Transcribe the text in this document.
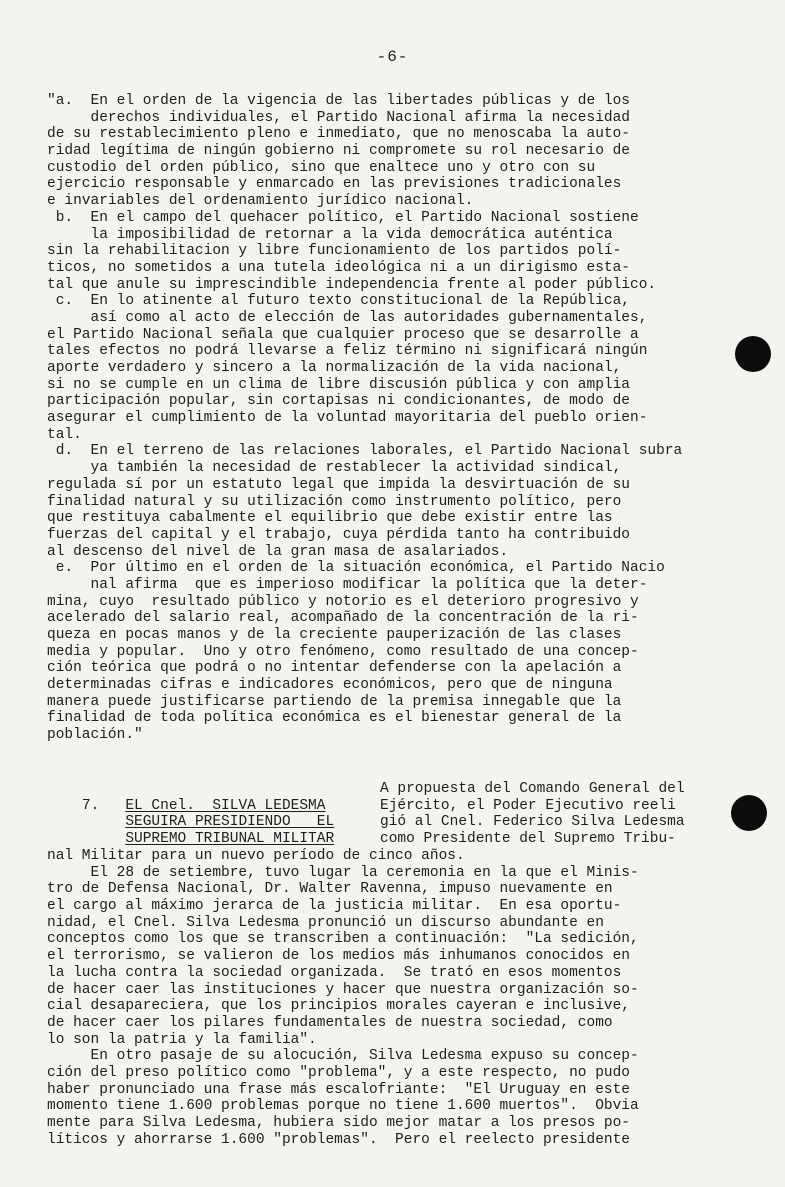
-6-
"a.  En el orden de la vigencia de las libertades públicas y de los
derechos individuales, el Partido Nacional afirma la necesidad
de su restablecimiento pleno e inmediato, que no menoscaba la auto-
ridad legítima de ningún gobierno ni compromete su rol necesario de
custodio del orden público, sino que enaltece uno y otro con su
ejercicio responsable y enmarcado en las previsiones tradicionales
e invariables del ordenamiento jurídico nacional.
b.  En el campo del quehacer político, el Partido Nacional sostiene
la imposibilidad de retornar a la vida democrática auténtica
sin la rehabilitacion y libre funcionamiento de los partidos polí-
ticos, no sometidos a una tutela ideológica ni a un dirigismo esta-
tal que anule su imprescindible independencia frente al poder público.
c.  En lo atinente al futuro texto constitucional de la República,
así como al acto de elección de las autoridades gubernamentales,
el Partido Nacional señala que cualquier proceso que se desarrolle a
tales efectos no podrá llevarse a feliz término ni significará ningún
aporte verdadero y sincero a la normalización de la vida nacional,
si no se cumple en un clima de libre discusión pública y con amplia
participación popular, sin cortapisas ni condicionantes, de modo de
asegurar el cumplimiento de la voluntad mayoritaria del pueblo orien-
tal.
d.  En el terreno de las relaciones laborales, el Partido Nacional subra
ya también la necesidad de restablecer la actividad sindical,
regulada sí por un estatuto legal que impida la desvirtuación de su
finalidad natural y su utilización como instrumento político, pero
que restituya cabalmente el equilibrio que debe existir entre las
fuerzas del capital y el trabajo, cuya pérdida tanto ha contribuido
al descenso del nivel de la gran masa de asalariados.
e.  Por último en el orden de la situación económica, el Partido Nacio
nal afirma  que es imperioso modificar la política que la deter-
mina, cuyo  resultado público y notorio es el deterioro progresivo y
acelerado del salario real, acompañado de la concentración de la ri-
queza en pocas manos y de la creciente pauperización de las clases
media y popular.  Uno y otro fenómeno, como resultado de una concep-
ción teórica que podrá o no intentar defenderse con la apelación a
determinadas cifras e indicadores económicos, pero que de ninguna
manera puede justificarse partiendo de la premisa innegable que la
finalidad de toda política económica es el bienestar general de la
población."

7. EL Cnel.  SILVA LEDESMA

SEGUIRA PRESIDIENDO   EL

SUPREMO TRIBUNAL MILITAR

A propuesta del Comando General del
Ejército, el Poder Ejecutivo reeli
gió al Cnel. Federico Silva Ledesma
como Presidente del Supremo Tribu-
nal Militar para un nuevo período de cinco años.
El 28 de setiembre, tuvo lugar la ceremonia en la que el Minis-
tro de Defensa Nacional, Dr. Walter Ravenna, impuso nuevamente en
el cargo al máximo jerarca de la justicia militar.  En esa oportu-
nidad, el Cnel. Silva Ledesma pronunció un discurso abundante en
conceptos como los que se transcriben a continuación:  "La sedición,
el terrorismo, se valieron de los medios más inhumanos conocidos en
la lucha contra la sociedad organizada.  Se trató en esos momentos
de hacer caer las instituciones y hacer que nuestra organización so-
cial desapareciera, que los principios morales cayeran e inclusive,
de hacer caer los pilares fundamentales de nuestra sociedad, como
lo son la patria y la familia".
En otro pasaje de su alocución, Silva Ledesma expuso su concep-
ción del preso político como "problema", y a este respecto, no pudo
haber pronunciado una frase más escalofriante:  "El Uruguay en este
momento tiene 1.600 problemas porque no tiene 1.600 muertos".  Obvia
mente para Silva Ledesma, hubiera sido mejor matar a los presos po-
líticos y ahorrarse 1.600 "problemas".  Pero el reelecto presidente
